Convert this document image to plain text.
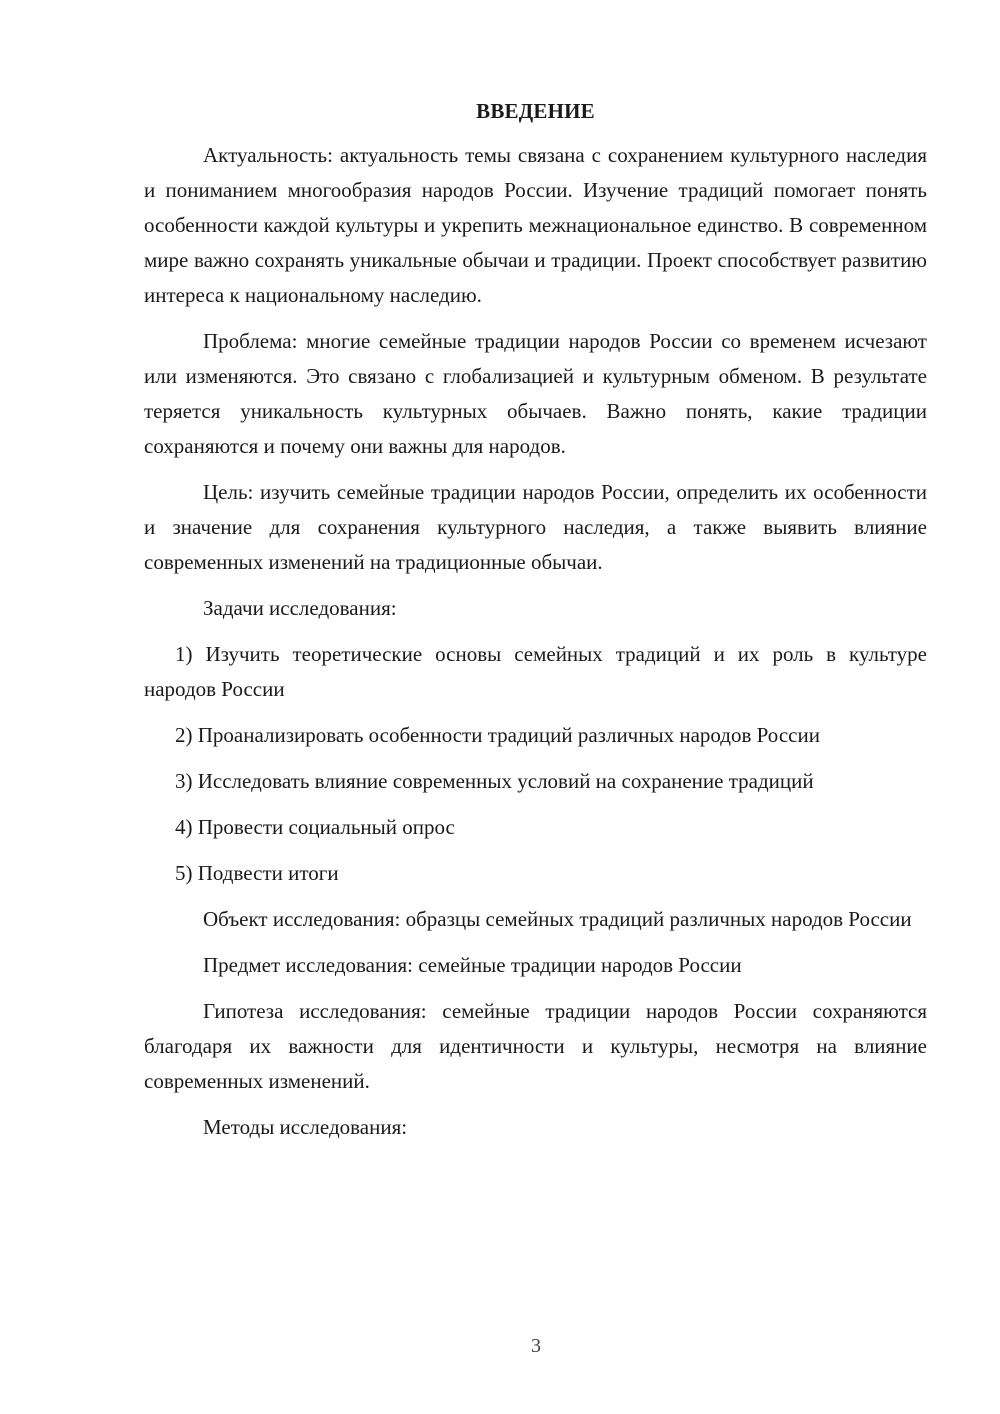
ВВЕДЕНИЕ

Актуальность: актуальность темы связана с сохранением культурного наследия и пониманием многообразия народов России. Изучение традиций помогает понять особенности каждой культуры и укрепить межнациональное единство. В современном мире важно сохранять уникальные обычаи и традиции. Проект способствует развитию интереса к национальному наследию.

Проблема: многие семейные традиции народов России со временем исчезают или изменяются. Это связано с глобализацией и культурным обменом. В результате теряется уникальность культурных обычаев. Важно понять, какие традиции сохраняются и почему они важны для народов.

Цель: изучить семейные традиции народов России, определить их особенности и значение для сохранения культурного наследия, а также выявить влияние современных изменений на традиционные обычаи.

Задачи исследования:

1) Изучить теоретические основы семейных традиций и их роль в культуре народов России

2) Проанализировать особенности традиций различных народов России

3) Исследовать влияние современных условий на сохранение традиций

4) Провести социальный опрос

5) Подвести итоги

Объект исследования: образцы семейных традиций различных народов России

Предмет исследования: семейные традиции народов России

Гипотеза исследования: семейные традиции народов России сохраняются благодаря их важности для идентичности и культуры, несмотря на влияние современных изменений.

Методы исследования:

3
